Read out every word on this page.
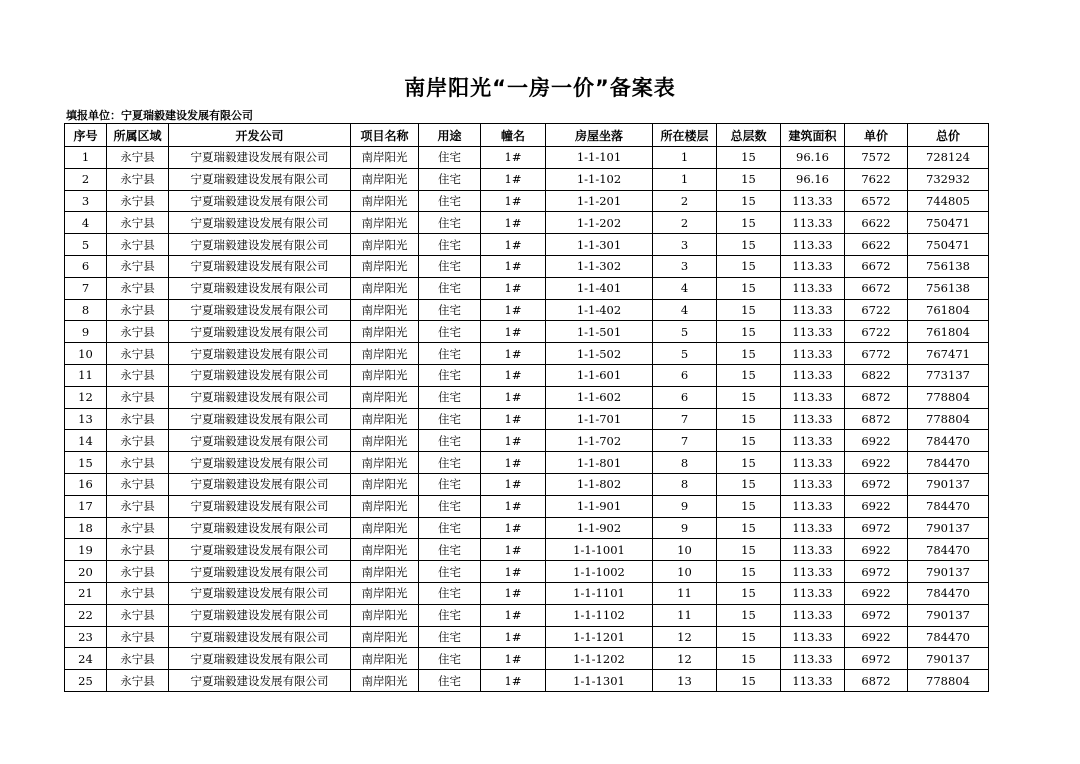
南岸阳光“一房一价”备案表
填报单位：宁夏瑞毅建设发展有限公司
序号	所属区域	开发公司	项目名称	用途	幢名	房屋坐落	所在楼层	总层数	建筑面积	单价	总价
1	永宁县	宁夏瑞毅建设发展有限公司	南岸阳光	住宅	1#	1-1-101	1	15	96.16	7572	728124
2	永宁县	宁夏瑞毅建设发展有限公司	南岸阳光	住宅	1#	1-1-102	1	15	96.16	7622	732932
3	永宁县	宁夏瑞毅建设发展有限公司	南岸阳光	住宅	1#	1-1-201	2	15	113.33	6572	744805
4	永宁县	宁夏瑞毅建设发展有限公司	南岸阳光	住宅	1#	1-1-202	2	15	113.33	6622	750471
5	永宁县	宁夏瑞毅建设发展有限公司	南岸阳光	住宅	1#	1-1-301	3	15	113.33	6622	750471
6	永宁县	宁夏瑞毅建设发展有限公司	南岸阳光	住宅	1#	1-1-302	3	15	113.33	6672	756138
7	永宁县	宁夏瑞毅建设发展有限公司	南岸阳光	住宅	1#	1-1-401	4	15	113.33	6672	756138
8	永宁县	宁夏瑞毅建设发展有限公司	南岸阳光	住宅	1#	1-1-402	4	15	113.33	6722	761804
9	永宁县	宁夏瑞毅建设发展有限公司	南岸阳光	住宅	1#	1-1-501	5	15	113.33	6722	761804
10	永宁县	宁夏瑞毅建设发展有限公司	南岸阳光	住宅	1#	1-1-502	5	15	113.33	6772	767471
11	永宁县	宁夏瑞毅建设发展有限公司	南岸阳光	住宅	1#	1-1-601	6	15	113.33	6822	773137
12	永宁县	宁夏瑞毅建设发展有限公司	南岸阳光	住宅	1#	1-1-602	6	15	113.33	6872	778804
13	永宁县	宁夏瑞毅建设发展有限公司	南岸阳光	住宅	1#	1-1-701	7	15	113.33	6872	778804
14	永宁县	宁夏瑞毅建设发展有限公司	南岸阳光	住宅	1#	1-1-702	7	15	113.33	6922	784470
15	永宁县	宁夏瑞毅建设发展有限公司	南岸阳光	住宅	1#	1-1-801	8	15	113.33	6922	784470
16	永宁县	宁夏瑞毅建设发展有限公司	南岸阳光	住宅	1#	1-1-802	8	15	113.33	6972	790137
17	永宁县	宁夏瑞毅建设发展有限公司	南岸阳光	住宅	1#	1-1-901	9	15	113.33	6922	784470
18	永宁县	宁夏瑞毅建设发展有限公司	南岸阳光	住宅	1#	1-1-902	9	15	113.33	6972	790137
19	永宁县	宁夏瑞毅建设发展有限公司	南岸阳光	住宅	1#	1-1-1001	10	15	113.33	6922	784470
20	永宁县	宁夏瑞毅建设发展有限公司	南岸阳光	住宅	1#	1-1-1002	10	15	113.33	6972	790137
21	永宁县	宁夏瑞毅建设发展有限公司	南岸阳光	住宅	1#	1-1-1101	11	15	113.33	6922	784470
22	永宁县	宁夏瑞毅建设发展有限公司	南岸阳光	住宅	1#	1-1-1102	11	15	113.33	6972	790137
23	永宁县	宁夏瑞毅建设发展有限公司	南岸阳光	住宅	1#	1-1-1201	12	15	113.33	6922	784470
24	永宁县	宁夏瑞毅建设发展有限公司	南岸阳光	住宅	1#	1-1-1202	12	15	113.33	6972	790137
25	永宁县	宁夏瑞毅建设发展有限公司	南岸阳光	住宅	1#	1-1-1301	13	15	113.33	6872	778804
